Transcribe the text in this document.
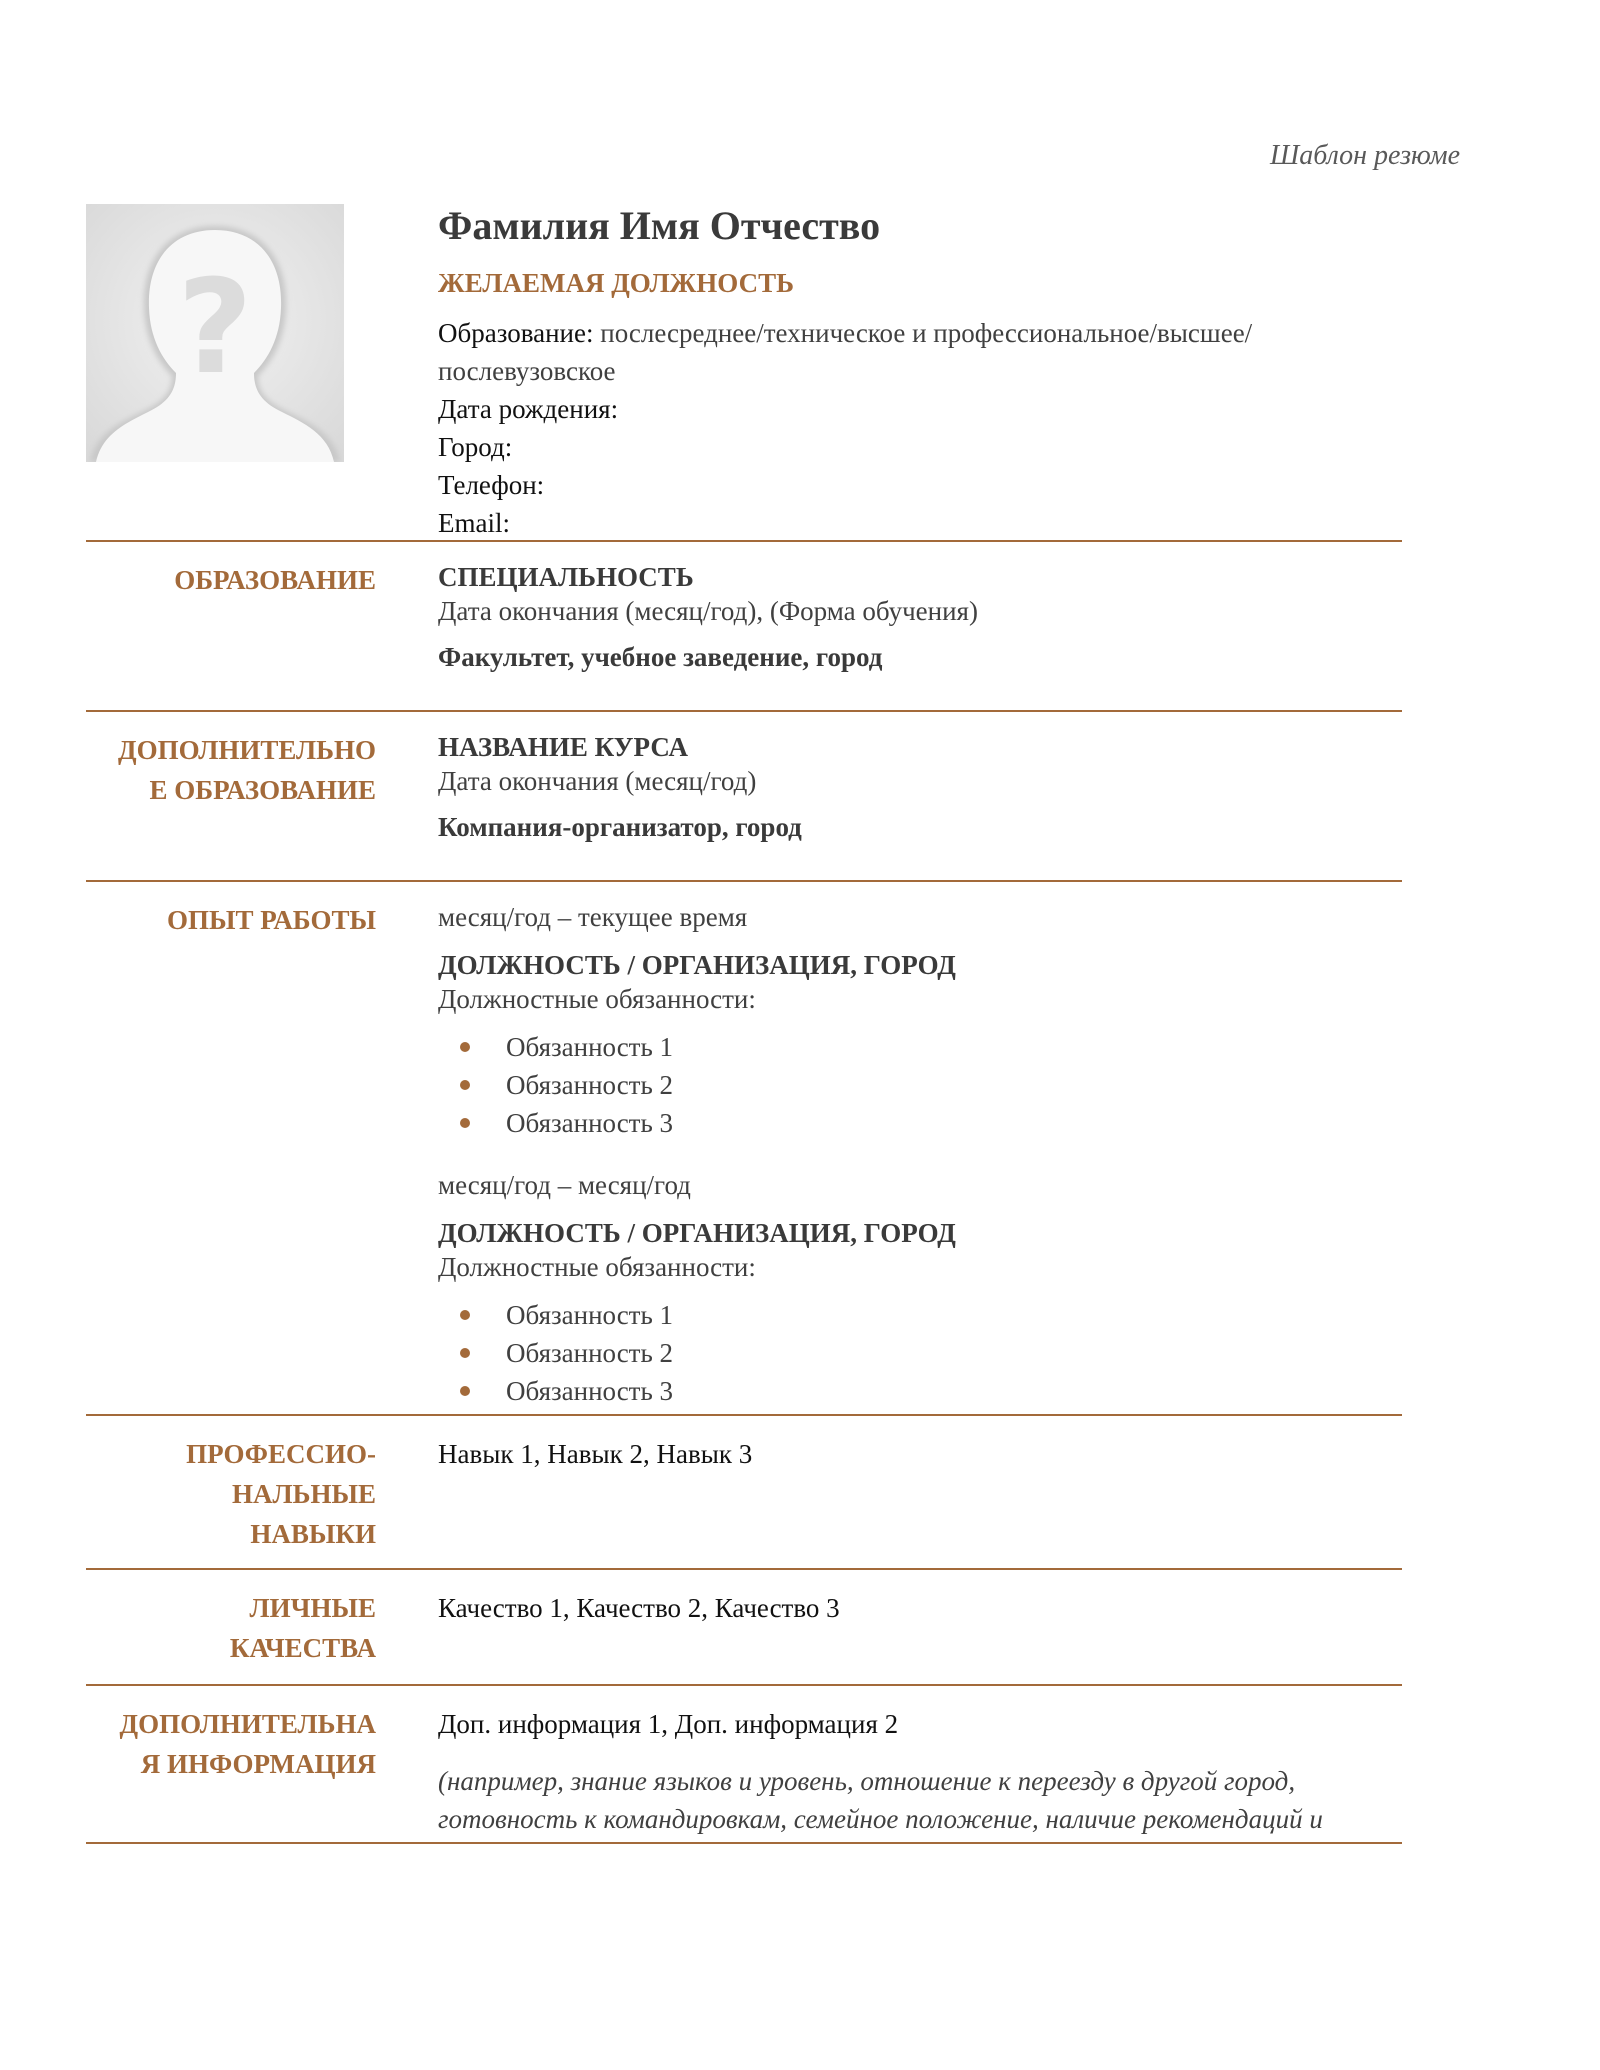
Шаблон резюме
?
Фамилия Имя Отчество
ЖЕЛАЕМАЯ ДОЛЖНОСТЬ
Образование: послесреднее/техническое и профессиональное/высшее/послевузовское
Дата рождения:
Город:
Телефон:
Email:
ОБРАЗОВАНИЕ СПЕЦИАЛЬНОСТЬ
Дата окончания (месяц/год), (Форма обучения)
Факультет, учебное заведение, город
ДОПОЛНИТЕЛЬНО
Е ОБРАЗОВАНИЕ
НАЗВАНИЕ КУРСА
Дата окончания (месяц/год)
Компания-организатор, город
ОПЫТ РАБОТЫ месяц/год – текущее время
ДОЛЖНОСТЬ / ОРГАНИЗАЦИЯ, ГОРОД
Должностные обязанности:
Обязанность 1
Обязанность 2
Обязанность 3
месяц/год – месяц/год
ДОЛЖНОСТЬ / ОРГАНИЗАЦИЯ, ГОРОД
Должностные обязанности:
Обязанность 1
Обязанность 2
Обязанность 3
ПРОФЕССИО-
НАЛЬНЫЕ
НАВЫКИ
Навык 1, Навык 2, Навык 3
ЛИЧНЫЕ
КАЧЕСТВА
Качество 1, Качество 2, Качество 3
ДОПОЛНИТЕЛЬНА
Я ИНФОРМАЦИЯ
Доп. информация 1, Доп. информация 2
(например, знание языков и уровень, отношение к переезду в другой город, готовность к командировкам, семейное положение, наличие рекомендаций и
